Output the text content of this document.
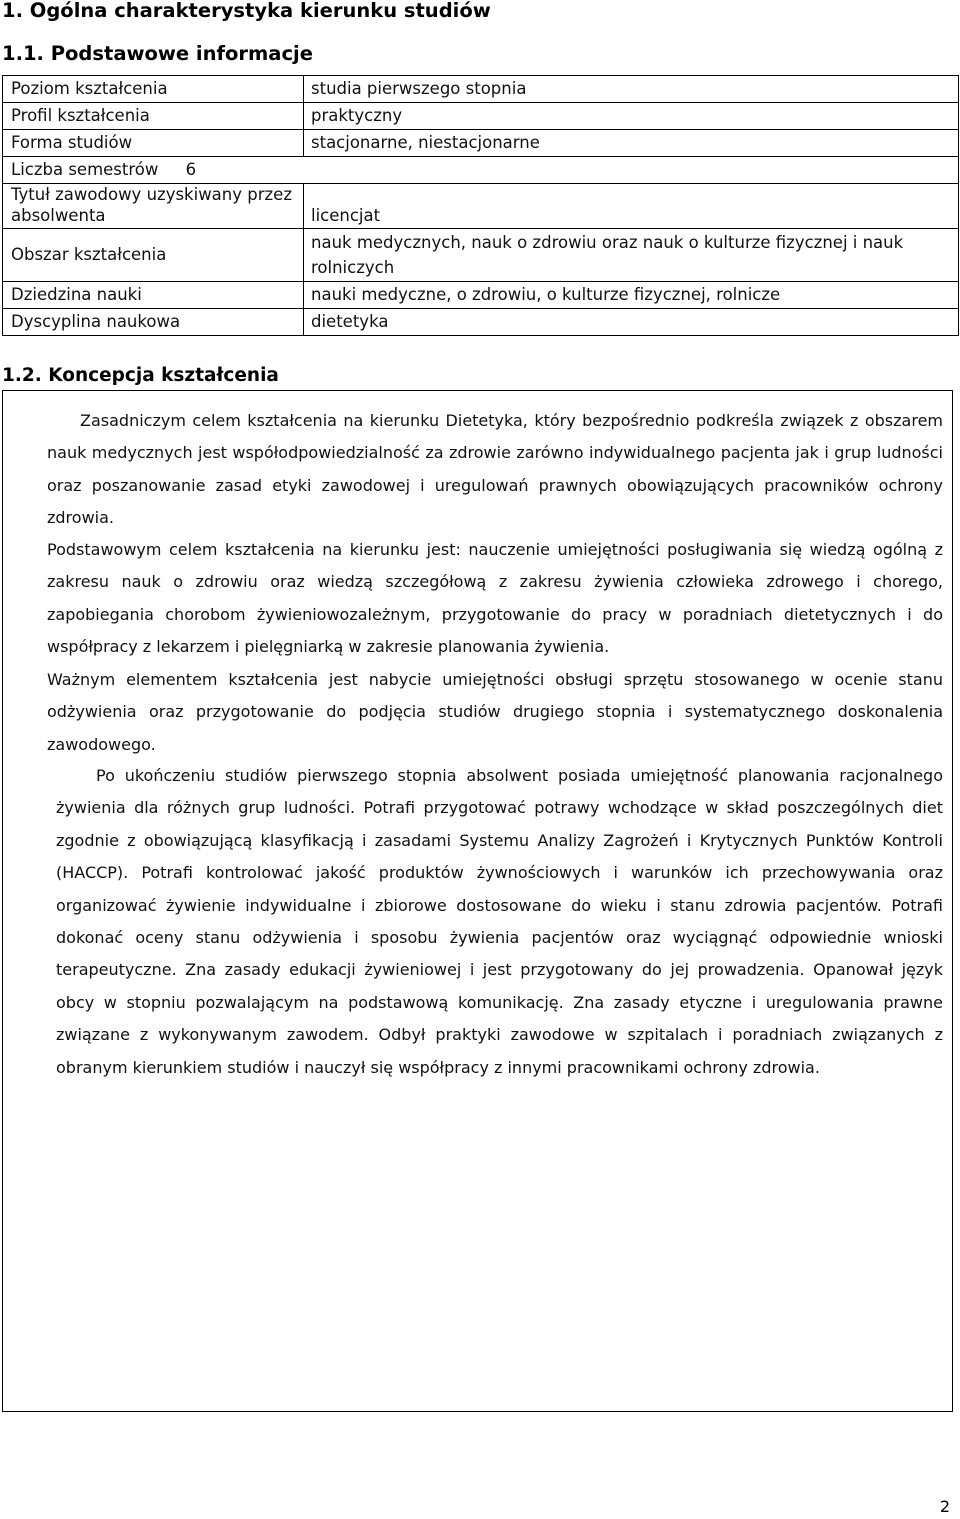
1. Ogólna charakterystyka kierunku studiów
1.1. Podstawowe informacje
Poziom kształcenia	studia pierwszego stopnia
Profil kształcenia	praktyczny
Forma studiów	stacjonarne, niestacjonarne
Liczba semestrów 6	
Tytuł zawodowy uzyskiwany przez absolwenta	licencjat
Obszar kształcenia	nauk medycznych, nauk o zdrowiu oraz nauk o kulturze fizycznej i nauk rolniczych
Dziedzina nauki	nauki medyczne, o zdrowiu, o kulturze fizycznej, rolnicze
Dyscyplina naukowa	dietetyka
1.2. Koncepcja kształcenia

Zasadniczym celem kształcenia na kierunku Dietetyka, który bezpośrednio podkreśla związek z obszarem nauk medycznych jest współodpowiedzialność za zdrowie zarówno indywidualnego pacjenta jak i grup ludności oraz poszanowanie zasad etyki zawodowej i uregulowań prawnych obowiązujących pracowników ochrony zdrowia.

Podstawowym celem kształcenia na kierunku jest: nauczenie umiejętności posługiwania się wiedzą ogólną z zakresu nauk o zdrowiu oraz wiedzą szczegółową z zakresu żywienia człowieka zdrowego i chorego, zapobiegania chorobom żywieniowozależnym, przygotowanie do pracy w poradniach dietetycznych i do współpracy z lekarzem i pielęgniarką w zakresie planowania żywienia.

Ważnym elementem kształcenia jest nabycie umiejętności obsługi sprzętu stosowanego w ocenie stanu odżywienia oraz przygotowanie do podjęcia studiów drugiego stopnia i systematycznego doskonalenia zawodowego.

Po ukończeniu studiów pierwszego stopnia absolwent posiada umiejętność planowania racjonalnego żywienia dla różnych grup ludności. Potrafi przygotować potrawy wchodzące w skład poszczególnych diet zgodnie z obowiązującą klasyfikacją i zasadami Systemu Analizy Zagrożeń i Krytycznych Punktów Kontroli (HACCP). Potrafi kontrolować jakość produktów żywnościowych i warunków ich przechowywania oraz organizować żywienie indywidualne i zbiorowe dostosowane do wieku i stanu zdrowia pacjentów. Potrafi dokonać oceny stanu odżywienia i sposobu żywienia pacjentów oraz wyciągnąć odpowiednie wnioski terapeutyczne. Zna zasady edukacji żywieniowej i jest przygotowany do jej prowadzenia. Opanował język obcy w stopniu pozwalającym na podstawową komunikację. Zna zasady etyczne i uregulowania prawne związane z wykonywanym zawodem. Odbył praktyki zawodowe w szpitalach i poradniach związanych z obranym kierunkiem studiów i nauczył się współpracy z innymi pracownikami ochrony zdrowia.

2
